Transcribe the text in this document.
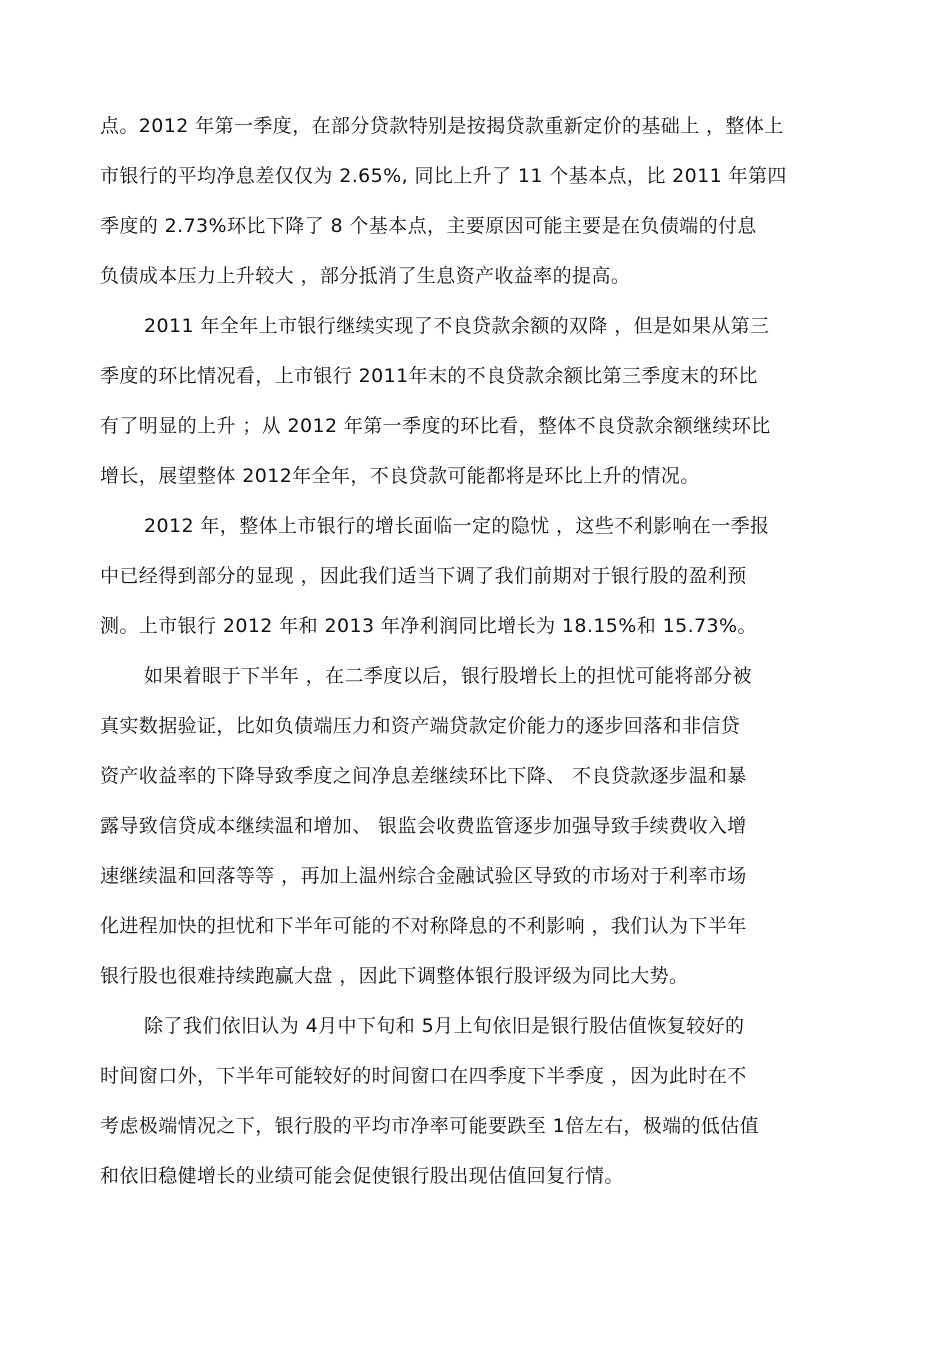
点。2012 年第一季度，在部分贷款特别是按揭贷款重新定价的基础上 ，整体上
市银行的平均净息差仅仅为 2.65%, 同比上升了 11 个基本点，比 2011 年第四
季度的 2.73%环比下降了 8 个基本点，主要原因可能主要是在负债端的付息
负债成本压力上升较大 ，部分抵消了生息资产收益率的提高。
2011 年全年上市银行继续实现了不良贷款余额的双降 ，但是如果从第三
季度的环比情况看，上市银行 2011年末的不良贷款余额比第三季度末的环比
有了明显的上升 ；从 2012 年第一季度的环比看，整体不良贷款余额继续环比
增长，展望整体 2012年全年，不良贷款可能都将是环比上升的情况。
2012 年，整体上市银行的增长面临一定的隐忧 ，这些不利影响在一季报
中已经得到部分的显现 ，因此我们适当下调了我们前期对于银行股的盈利预
测。上市银行 2012 年和 2013 年净利润同比增长为 18.15%和 15.73%。
如果着眼于下半年 ，在二季度以后，银行股增长上的担忧可能将部分被
真实数据验证，比如负债端压力和资产端贷款定价能力的逐步回落和非信贷
资产收益率的下降导致季度之间净息差继续环比下降、 不良贷款逐步温和暴
露导致信贷成本继续温和增加、 银监会收费监管逐步加强导致手续费收入增
速继续温和回落等等 ，再加上温州综合金融试验区导致的市场对于利率市场
化进程加快的担忧和下半年可能的不对称降息的不利影响 ，我们认为下半年
银行股也很难持续跑赢大盘 ，因此下调整体银行股评级为同比大势。
除了我们依旧认为 4月中下旬和 5月上旬依旧是银行股估值恢复较好的
时间窗口外，下半年可能较好的时间窗口在四季度下半季度 ，因为此时在不
考虑极端情况之下，银行股的平均市净率可能要跌至 1倍左右，极端的低估值
和依旧稳健增长的业绩可能会促使银行股出现估值回复行情。
